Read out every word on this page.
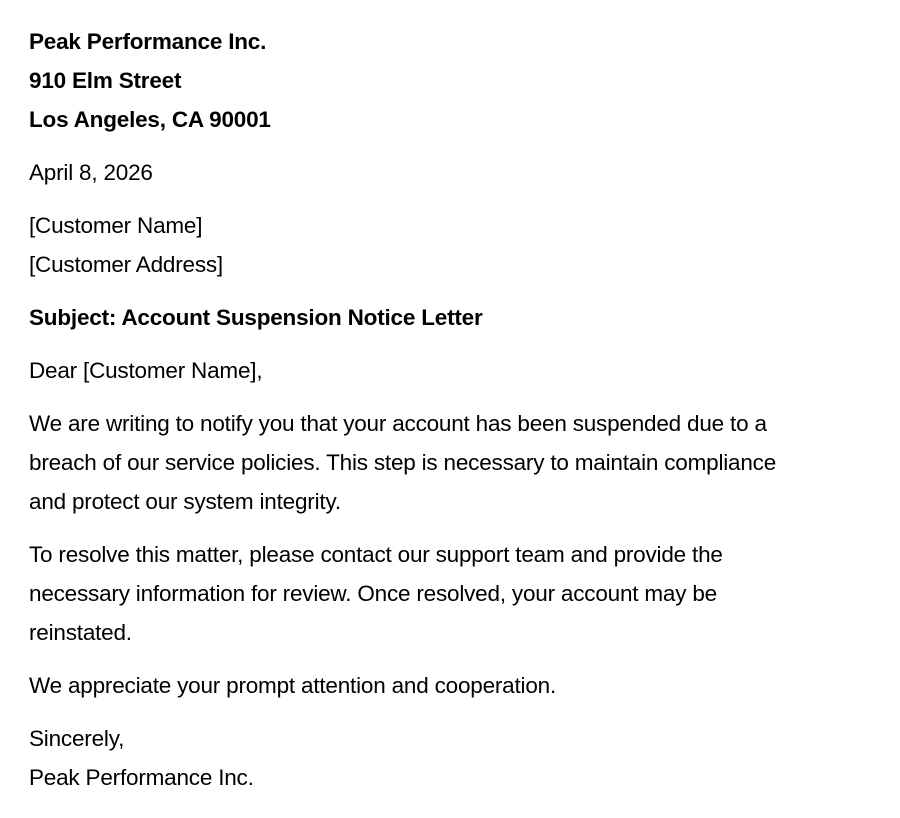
Peak Performance Inc.
910 Elm Street
Los Angeles, CA 90001
April 8, 2026
[Customer Name]
[Customer Address]
Subject: Account Suspension Notice Letter
Dear [Customer Name],
We are writing to notify you that your account has been suspended due to a
breach of our service policies. This step is necessary to maintain compliance
and protect our system integrity.
To resolve this matter, please contact our support team and provide the
necessary information for review. Once resolved, your account may be
reinstated.
We appreciate your prompt attention and cooperation.
Sincerely,
Peak Performance Inc.
